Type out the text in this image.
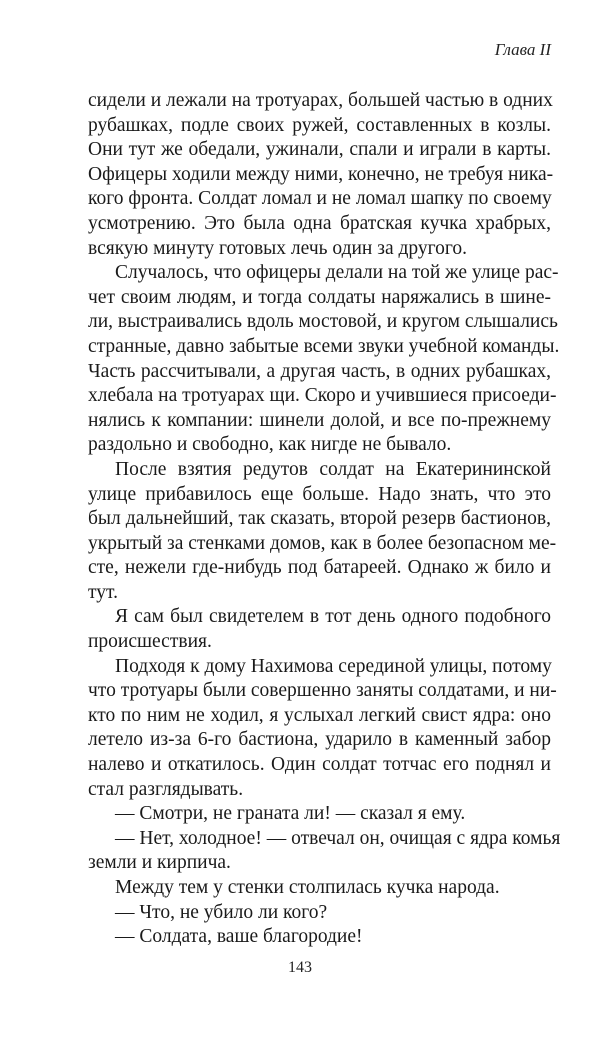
Глава II
сидели и лежали на тротуарах, большей частью в одних
рубашках, подле своих ружей, составленных в козлы.
Они тут же обедали, ужинали, спали и играли в карты.
Офицеры ходили между ними, конечно, не требуя ника-
кого фронта. Солдат ломал и не ломал шапку по своему
усмотрению. Это была одна братская кучка храбрых,
всякую минуту готовых лечь один за другого.
Случалось, что офицеры делали на той же улице рас-
чет своим людям, и тогда солдаты наряжались в шине-
ли, выстраивались вдоль мостовой, и кругом слышались
странные, давно забытые всеми звуки учебной команды.
Часть рассчитывали, а другая часть, в одних рубашках,
хлебала на тротуарах щи. Скоро и учившиеся присоеди-
нялись к компании: шинели долой, и все по-прежнему
раздольно и свободно, как нигде не бывало.
После взятия редутов солдат на Екатерининской
улице прибавилось еще больше. Надо знать, что это
был дальнейший, так сказать, второй резерв бастионов,
укрытый за стенками домов, как в более безопасном ме-
сте, нежели где-нибудь под батареей. Однако ж било и
тут.
Я сам был свидетелем в тот день одного подобного
происшествия.
Подходя к дому Нахимова серединой улицы, потому
что тротуары были совершенно заняты солдатами, и ни-
кто по ним не ходил, я услыхал легкий свист ядра: оно
летело из-за 6-го бастиона, ударило в каменный забор
налево и откатилось. Один солдат тотчас его поднял и
стал разглядывать.
— Смотри, не граната ли! — сказал я ему.
— Нет, холодное! — отвечал он, очищая с ядра комья
земли и кирпича.
Между тем у стенки столпилась кучка народа.
— Что, не убило ли кого?
— Солдата, ваше благородие!
143
